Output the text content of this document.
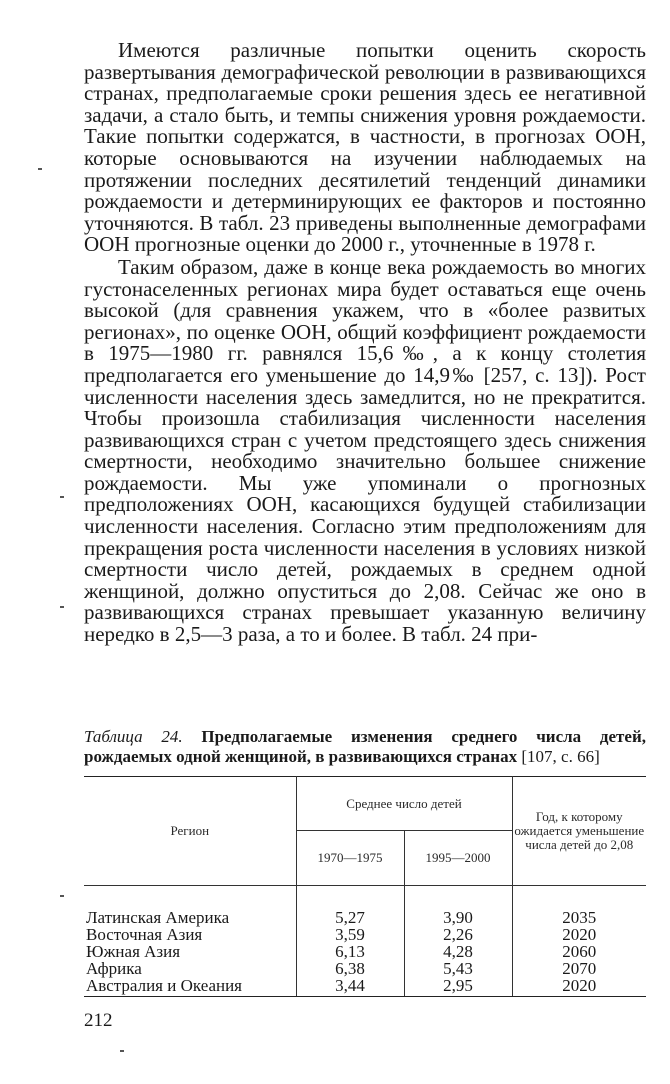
Имеются различные попытки оценить скорость развертывания демографической революции в развивающихся странах, предполагаемые сроки решения здесь ее негативной задачи, а стало быть, и темпы снижения уровня рождаемости. Такие попытки содержатся, в частности, в прогнозах ООН, которые основываются на изучении наблюдаемых на протяжении последних десятилетий тенденций динамики рождаемости и детерминирующих ее факторов и постоянно уточняются. В табл. 23 приведены выполненные демографами ООН прогнозные оценки до 2000 г., уточненные в 1978 г.

Таким образом, даже в конце века рождаемость во многих густонаселенных регионах мира будет оставаться еще очень высокой (для сравнения укажем, что в «более развитых регионах», по оценке ООН, общий коэффициент рождаемости в 1975—1980 гг. равнялся 15,6‰, а к концу столетия предполагается его уменьшение до 14,9‰ [257, с. 13]). Рост численности населения здесь замедлится, но не прекратится. Чтобы произошла стабилизация численности населения развивающихся стран с учетом предстоящего здесь снижения смертности, необходимо значительно большее снижение рождаемости. Мы уже упоминали о прогнозных предположениях ООН, касающихся будущей стабилизации численности населения. Согласно этим предположениям для прекращения роста численности населения в условиях низкой смертности число детей, рождаемых в среднем одной женщиной, должно опуститься до 2,08. Сейчас же оно в развивающихся странах превышает указанную величину нередко в 2,5—3 раза, а то и более. В табл. 24 при-

Таблица 24. Предполагаемые изменения среднего числа детей, рождаемых одной женщиной, в развивающихся странах [107, с. 66]
Регион	Среднее число детей		Год, к которому ожидается уменьшение числа детей до 2,08
	1970—1975	1995—2000	

Латинская Америка	5,27	3,90	2035
Восточная Азия	3,59	2,26	2020
Южная Азия	6,13	4,28	2060
Африка	6,38	5,43	2070
Австралия и Океания	3,44	2,95	2020
212
